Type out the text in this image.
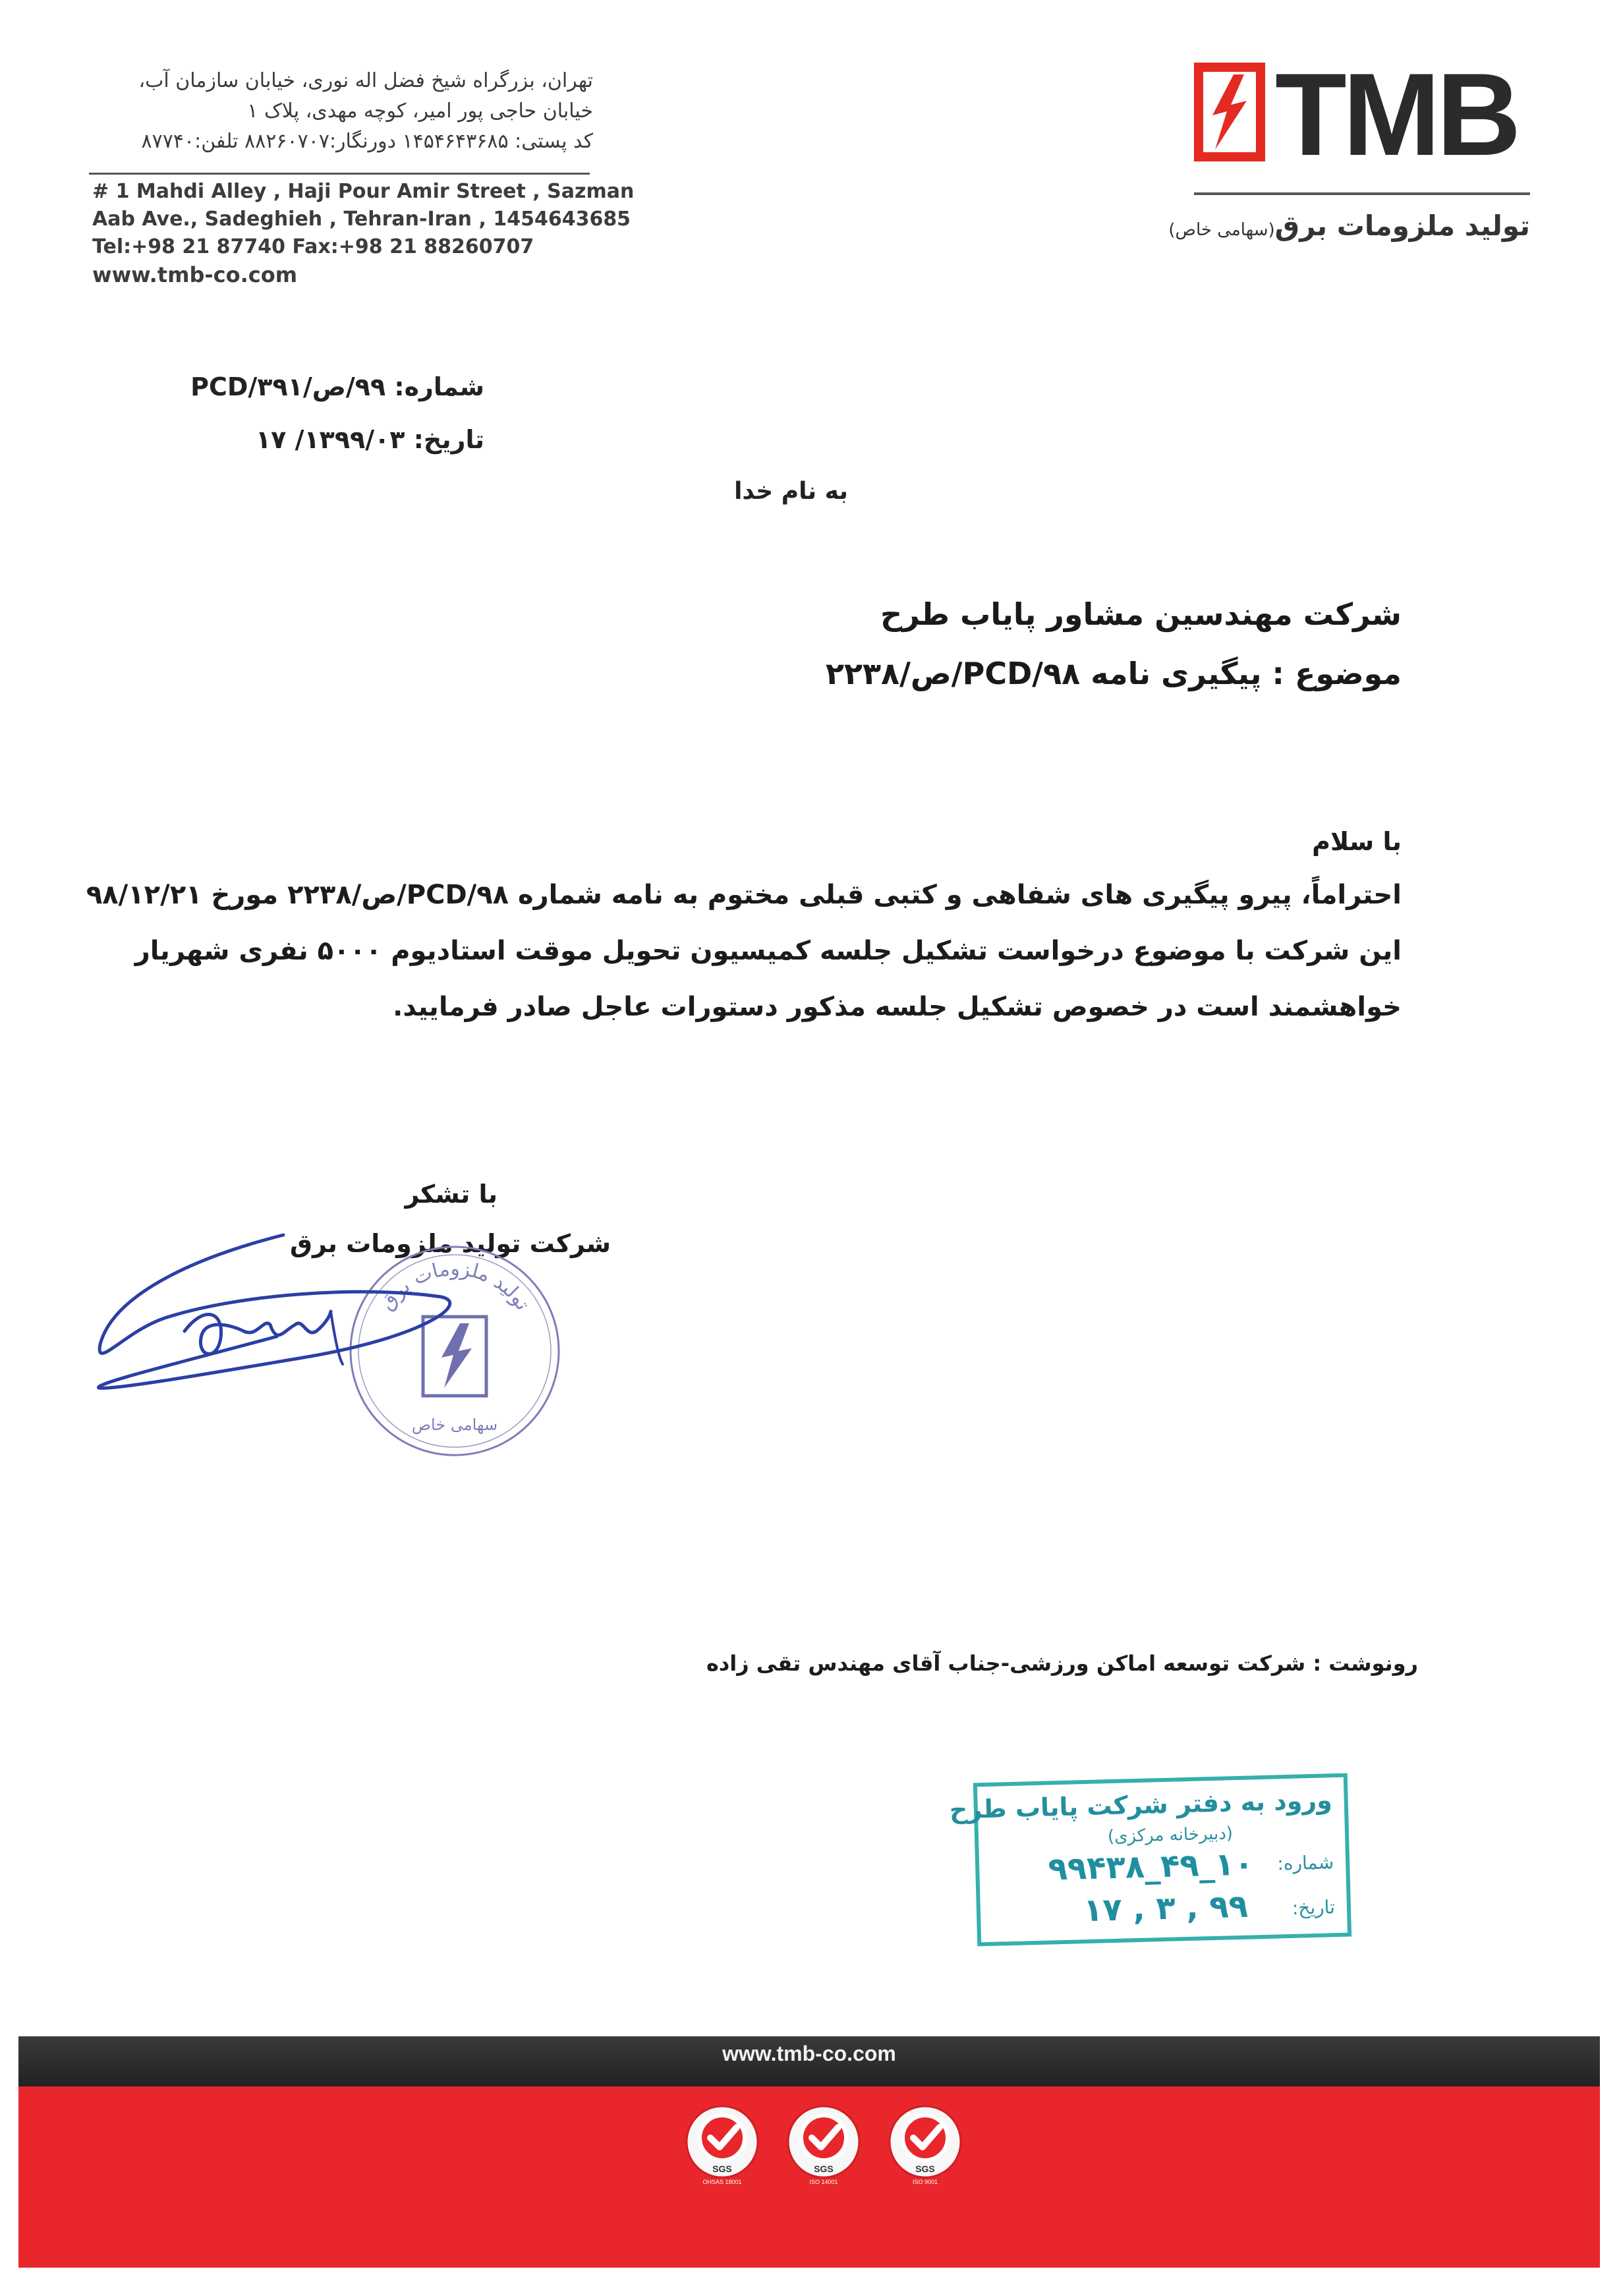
تهران، بزرگراه شیخ فضل اله نوری، خیابان سازمان آب،
خیابان حاجی پور امیر، کوچه مهدی، پلاک ۱
کد پستی: ۱۴۵۴۶۴۳۶۸۵ دورنگار:۸۸۲۶۰۷۰۷ تلفن:۸۷۷۴۰
# 1 Mahdi Alley , Haji Pour Amir Street , Sazman
Aab Ave., Sadeghieh , Tehran-Iran , 1454643685
Tel:+98 21 87740 Fax:+98 21 88260707
www.tmb-co.com
TMB
تولید ملزومات برق(سهامی خاص)
شماره: ۹۹/ص/PCD/۳۹۱
تاریخ: ۱۳۹۹/۰۳/ ۱۷
به نام خدا
شرکت مهندسین مشاور پایاب طرح
موضوع : پیگیری نامه ۹۸/PCD/ص/۲۲۳۸
با سلام
احتراماً، پیرو پیگیری های شفاهی و کتبی قبلی مختوم به نامه شماره ۹۸/PCD/ص/۲۲۳۸ مورخ ۹۸/۱۲/۲۱
این شرکت با موضوع درخواست تشکیل جلسه کمیسیون تحویل موقت استادیوم ۵۰۰۰ نفری شهریار
خواهشمند است در خصوص تشکیل جلسه مذکور دستورات عاجل صادر فرمایید.
با تشکر
شرکت تولید ملزومات برق
تولید ملزومات برق
سهامی خاص
رونوشت : شرکت توسعه اماکن ورزشی-جناب آقای مهندس تقی زاده
ورود به دفتر شرکت پایاب طرح
(دبیرخانه مرکزی)
شماره:
۱۰_۴۹_۹۹۴۳۸
تاریخ:
۹۹ , ۳ , ۱۷
www.tmb-co.com
SGS
OHSAS 18001
SGS
ISO 14001
SGS
ISO 9001
